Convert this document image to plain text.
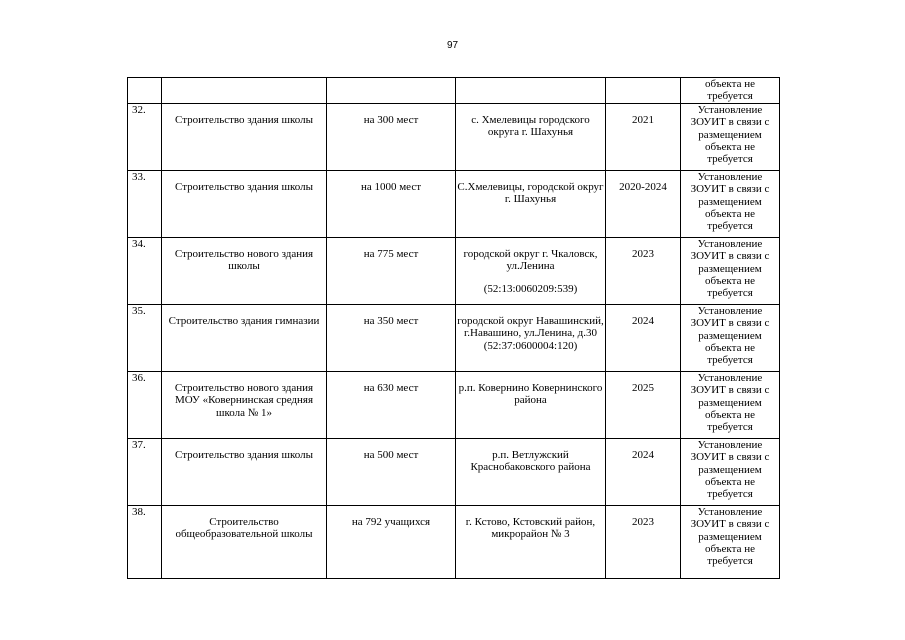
97

					объекта не требуется

32.	Строительство здания школы	на 300 мест	с. Хмелевицы городского округа г. Шахунья	2021	Установление ЗОУИТ в связи с размещением объекта не требуется

33.	Строительство здания школы	на 1000 мест	С.Хмелевицы, городской округ г. Шахунья	2020-2024	Установление ЗОУИТ в связи с размещением объекта не требуется

34.	Строительство нового здания школы	на 775 мест	городской округ г. Чкаловск, ул.Ленина
(52:13:0060209:539)	2023	Установление ЗОУИТ в связи с размещением объекта не требуется

35.	Строительство здания гимназии	на 350 мест	городской округ Навашинский, г.Навашино, ул.Ленина, д.30 (52:37:0600004:120)	2024	Установление ЗОУИТ в связи с размещением объекта не требуется

36.	Строительство нового здания МОУ «Ковернинская средняя школа № 1»	на 630 мест	р.п. Ковернино Ковернинского района	2025	Установление ЗОУИТ в связи с размещением объекта не требуется

37.	Строительство здания школы	на 500 мест	р.п. Ветлужский Краснобаковского района	2024	Установление ЗОУИТ в связи с размещением объекта не требуется

38.	Строительство общеобразовательной школы	на 792 учащихся	г. Кстово, Кстовский район, микрорайон № 3	2023	Установление ЗОУИТ в связи с размещением объекта не требуется
